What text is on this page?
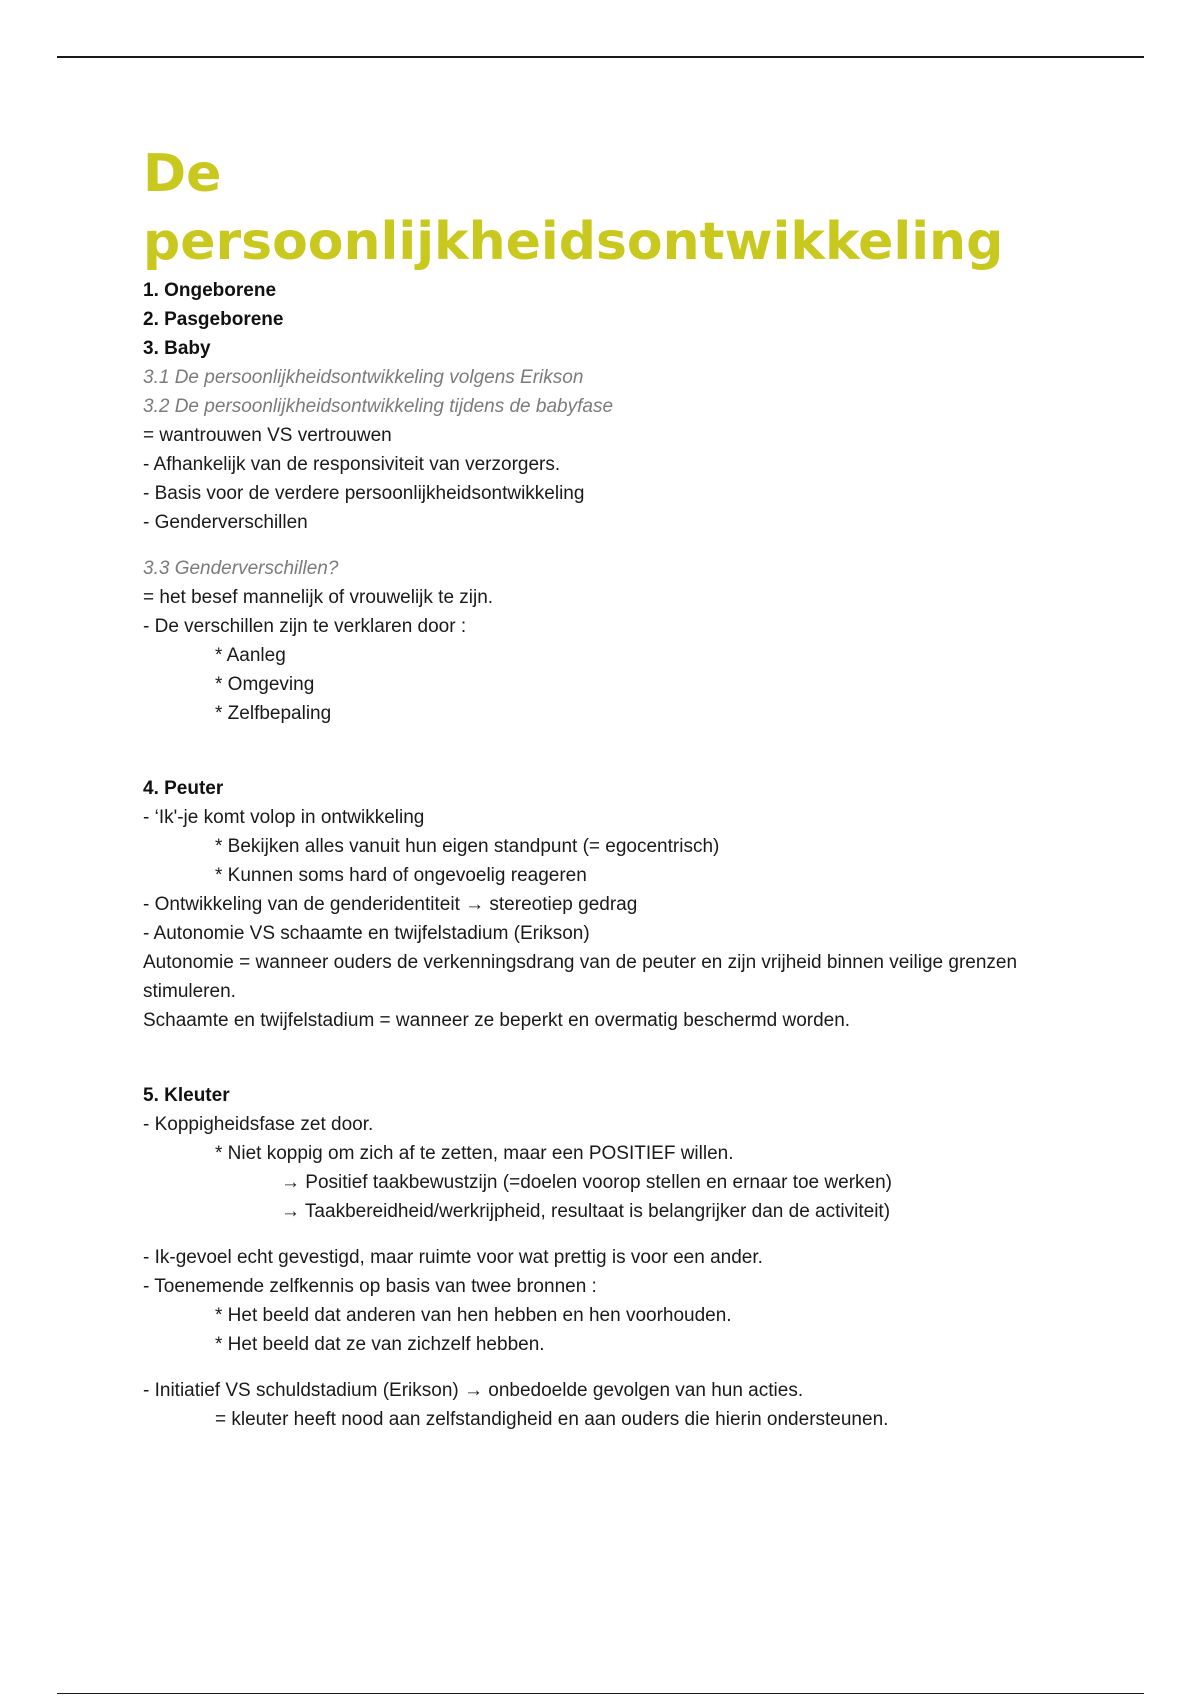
De
persoonlijkheidsontwikkeling
1. Ongeborene
2. Pasgeborene
3. Baby
3.1 De persoonlijkheidsontwikkeling volgens Erikson
3.2 De persoonlijkheidsontwikkeling tijdens de babyfase
= wantrouwen VS vertrouwen
- Afhankelijk van de responsiviteit van verzorgers.
- Basis voor de verdere persoonlijkheidsontwikkeling
- Genderverschillen
3.3 Genderverschillen?
= het besef mannelijk of vrouwelijk te zijn.
- De verschillen zijn te verklaren door :
* Aanleg
* Omgeving
* Zelfbepaling
4. Peuter
- ‘Ik'-je komt volop in ontwikkeling
* Bekijken alles vanuit hun eigen standpunt (= egocentrisch)
* Kunnen soms hard of ongevoelig reageren
- Ontwikkeling van de genderidentiteit → stereotiep gedrag
- Autonomie VS schaamte en twijfelstadium (Erikson)
Autonomie = wanneer ouders de verkenningsdrang van de peuter en zijn vrijheid binnen veilige grenzen stimuleren.
Schaamte en twijfelstadium = wanneer ze beperkt en overmatig beschermd worden.
5. Kleuter
- Koppigheidsfase zet door.
* Niet koppig om zich af te zetten, maar een POSITIEF willen.
→ Positief taakbewustzijn (=doelen voorop stellen en ernaar toe werken)
→ Taakbereidheid/werkrijpheid, resultaat is belangrijker dan de activiteit)
- Ik-gevoel echt gevestigd, maar ruimte voor wat prettig is voor een ander.
- Toenemende zelfkennis op basis van twee bronnen :
* Het beeld dat anderen van hen hebben en hen voorhouden.
* Het beeld dat ze van zichzelf hebben.
- Initiatief VS schuldstadium (Erikson) → onbedoelde gevolgen van hun acties.
= kleuter heeft nood aan zelfstandigheid en aan ouders die hierin ondersteunen.
